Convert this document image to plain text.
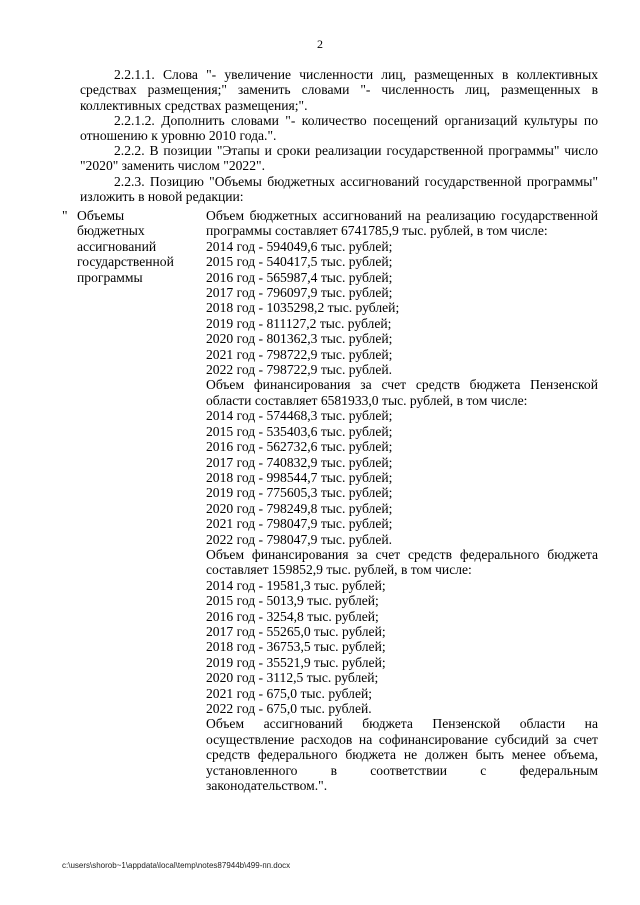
2
2.2.1.1. Слова "- увеличение численности лиц, размещенных в коллективных средствах размещения;" заменить словами "- численность лиц, размещенных в коллективных средствах размещения;".
2.2.1.2. Дополнить словами "- количество посещений организаций культуры по отношению к уровню 2010 года.".
2.2.2. В позиции "Этапы и сроки реализации государственной программы" число "2020" заменить числом "2022".
2.2.3. Позицию "Объемы бюджетных ассигнований государственной программы" изложить в новой редакции:
" Объемы
бюджетных
ассигнований
государственной
программы
Объем бюджетных ассигнований на реализацию государственной программы составляет 6741785,9 тыс. рублей, в том числе:
2014 год - 594049,6 тыс. рублей;
2015 год - 540417,5 тыс. рублей;
2016 год - 565987,4 тыс. рублей;
2017 год - 796097,9 тыс. рублей;
2018 год - 1035298,2 тыс. рублей;
2019 год - 811127,2 тыс. рублей;
2020 год - 801362,3 тыс. рублей;
2021 год - 798722,9 тыс. рублей;
2022 год - 798722,9 тыс. рублей.
Объем финансирования за счет средств бюджета Пензенской области составляет 6581933,0 тыс. рублей, в том числе:
2014 год - 574468,3 тыс. рублей;
2015 год - 535403,6 тыс. рублей;
2016 год - 562732,6 тыс. рублей;
2017 год - 740832,9 тыс. рублей;
2018 год - 998544,7 тыс. рублей;
2019 год - 775605,3 тыс. рублей;
2020 год - 798249,8 тыс. рублей;
2021 год - 798047,9 тыс. рублей;
2022 год - 798047,9 тыс. рублей.
Объем финансирования за счет средств федерального бюджета составляет 159852,9 тыс. рублей, в том числе:
2014 год - 19581,3 тыс. рублей;
2015 год - 5013,9 тыс. рублей;
2016 год - 3254,8 тыс. рублей;
2017 год - 55265,0 тыс. рублей;
2018 год - 36753,5 тыс. рублей;
2019 год - 35521,9 тыс. рублей;
2020 год - 3112,5 тыс. рублей;
2021 год - 675,0 тыс. рублей;
2022 год - 675,0 тыс. рублей.
Объем ассигнований бюджета Пензенской области на осуществление расходов на софинансирование субсидий за счет средств федерального бюджета не должен быть менее объема, установленного в соответствии с федеральным законодательством.".
c:\users\shorob~1\appdata\local\temp\notes87944b\499-пп.docx
